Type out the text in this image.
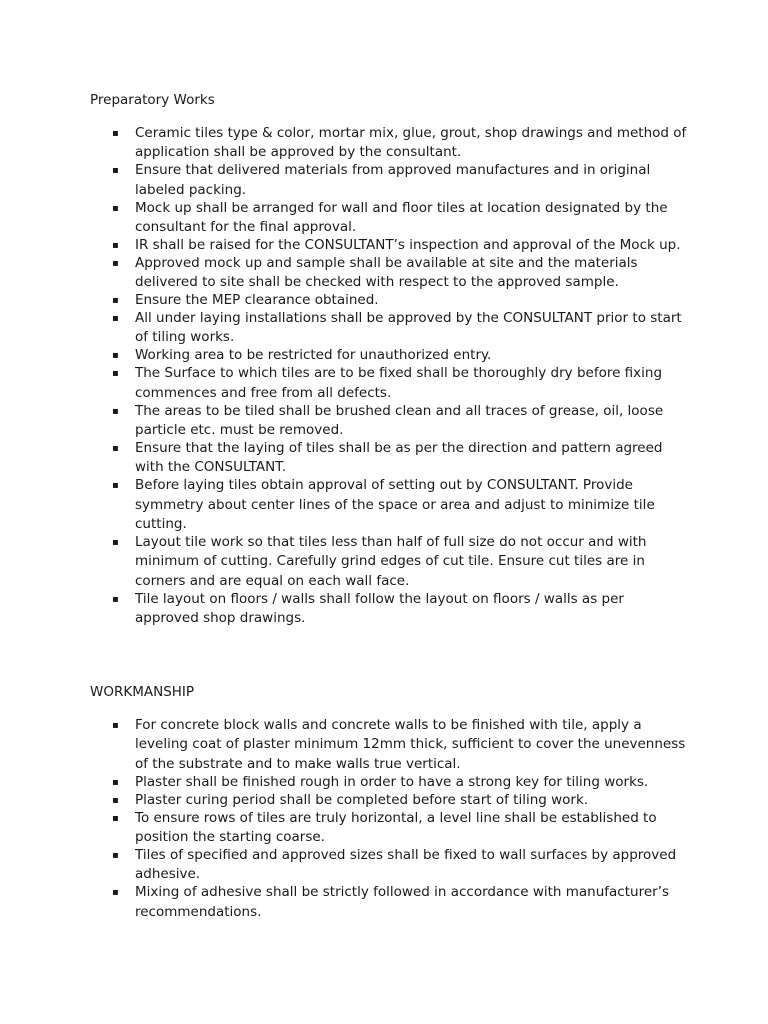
Preparatory Works
▪ Ceramic tiles type & color, mortar mix, glue, grout, shop drawings and method of application shall be approved by the consultant.
▪ Ensure that delivered materials from approved manufactures and in original labeled packing.
▪ Mock up shall be arranged for wall and floor tiles at location designated by the consultant for the final approval.
▪ IR shall be raised for the CONSULTANT’s inspection and approval of the Mock up.
▪ Approved mock up and sample shall be available at site and the materials delivered to site shall be checked with respect to the approved sample.
▪ Ensure the MEP clearance obtained.
▪ All under laying installations shall be approved by the CONSULTANT prior to start of tiling works.
▪ Working area to be restricted for unauthorized entry.
▪ The Surface to which tiles are to be fixed shall be thoroughly dry before fixing commences and free from all defects.
▪ The areas to be tiled shall be brushed clean and all traces of grease, oil, loose particle etc. must be removed.
▪ Ensure that the laying of tiles shall be as per the direction and pattern agreed with the CONSULTANT.
▪ Before laying tiles obtain approval of setting out by CONSULTANT. Provide symmetry about center lines of the space or area and adjust to minimize tile cutting.
▪ Layout tile work so that tiles less than half of full size do not occur and with minimum of cutting. Carefully grind edges of cut tile. Ensure cut tiles are in corners and are equal on each wall face.
▪ Tile layout on floors / walls shall follow the layout on floors / walls as per approved shop drawings.
WORKMANSHIP
▪ For concrete block walls and concrete walls to be finished with tile, apply a leveling coat of plaster minimum 12mm thick, sufficient to cover the unevenness of the substrate and to make walls true vertical.
▪ Plaster shall be finished rough in order to have a strong key for tiling works.
▪ Plaster curing period shall be completed before start of tiling work.
▪ To ensure rows of tiles are truly horizontal, a level line shall be established to position the starting coarse.
▪ Tiles of specified and approved sizes shall be fixed to wall surfaces by approved adhesive.
▪ Mixing of adhesive shall be strictly followed in accordance with manufacturer’s recommendations.
